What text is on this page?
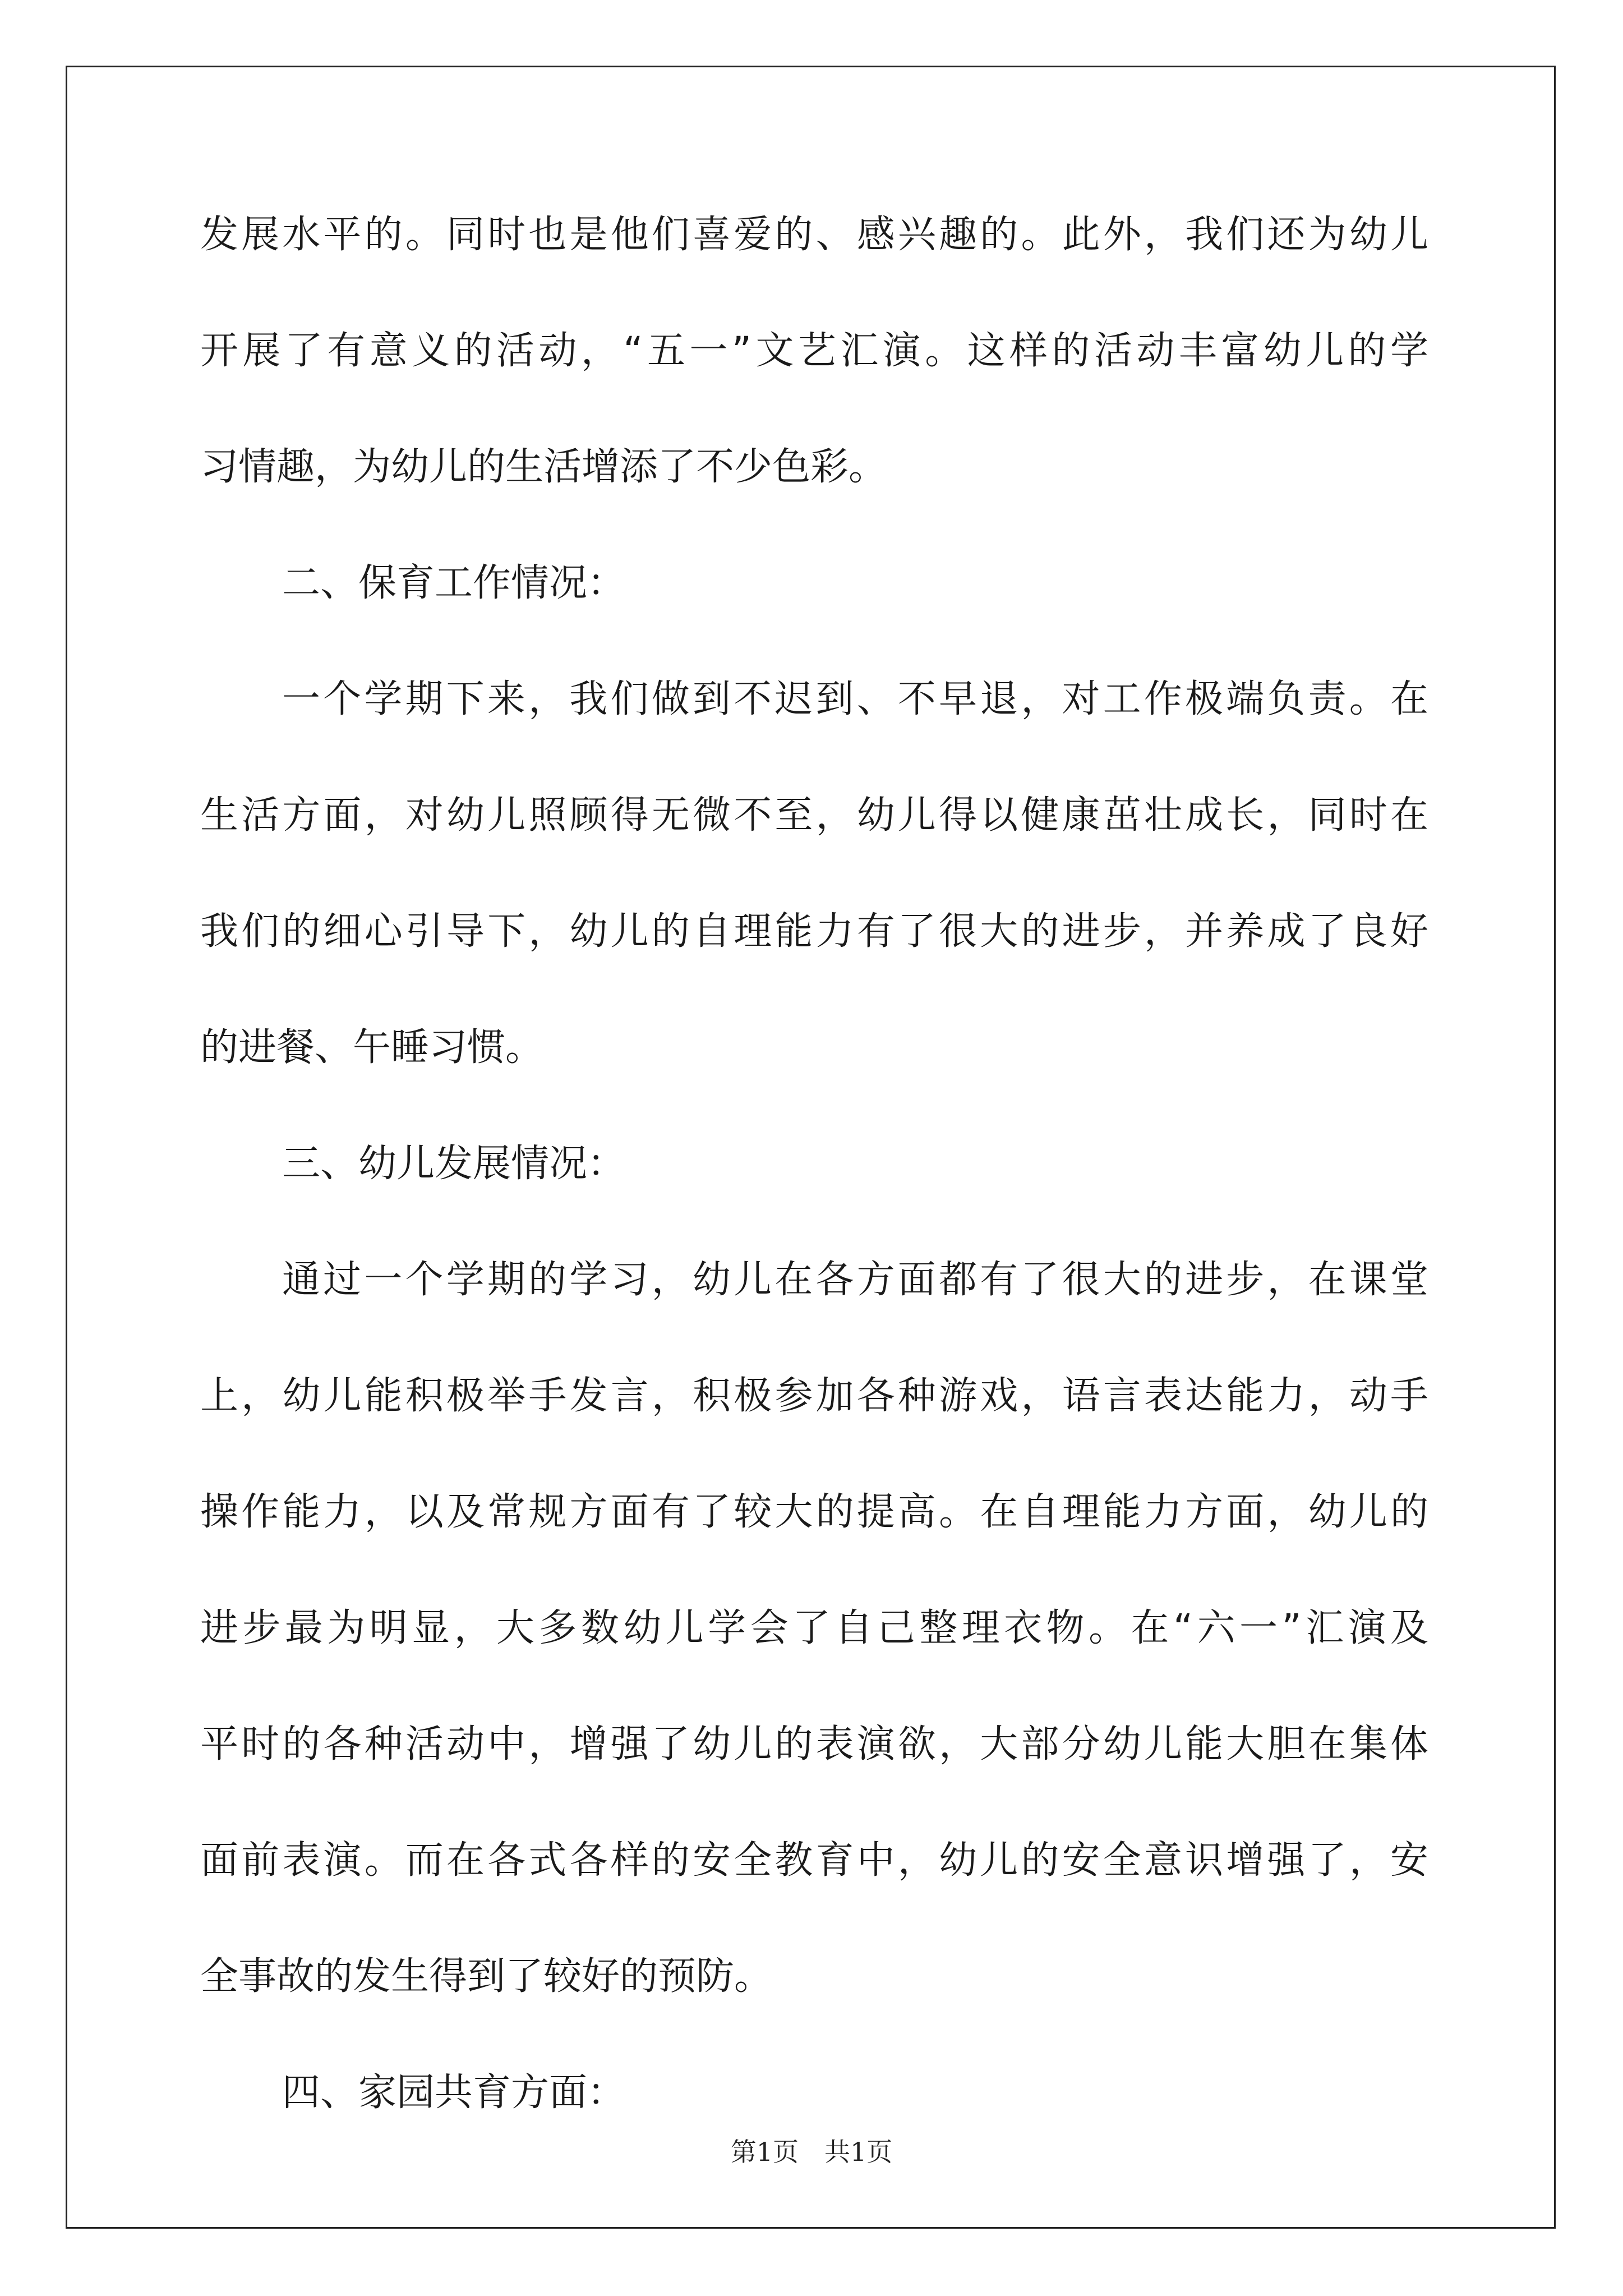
发展水平的。同时也是他们喜爱的、感兴趣的。此外，我们还为幼儿
开展了有意义的活动，“五一”文艺汇演。这样的活动丰富幼儿的学
习情趣，为幼儿的生活增添了不少色彩。
二、保育工作情况：
一个学期下来，我们做到不迟到、不早退，对工作极端负责。在
生活方面，对幼儿照顾得无微不至，幼儿得以健康茁壮成长，同时在
我们的细心引导下，幼儿的自理能力有了很大的进步，并养成了良好
的进餐、午睡习惯。
三、幼儿发展情况：
通过一个学期的学习，幼儿在各方面都有了很大的进步，在课堂
上，幼儿能积极举手发言，积极参加各种游戏，语言表达能力，动手
操作能力，以及常规方面有了较大的提高。在自理能力方面，幼儿的
进步最为明显，大多数幼儿学会了自己整理衣物。在“六一”汇演及
平时的各种活动中，增强了幼儿的表演欲，大部分幼儿能大胆在集体
面前表演。而在各式各样的安全教育中，幼儿的安全意识增强了，安
全事故的发生得到了较好的预防。
四、家园共育方面：
第1页　共1页
